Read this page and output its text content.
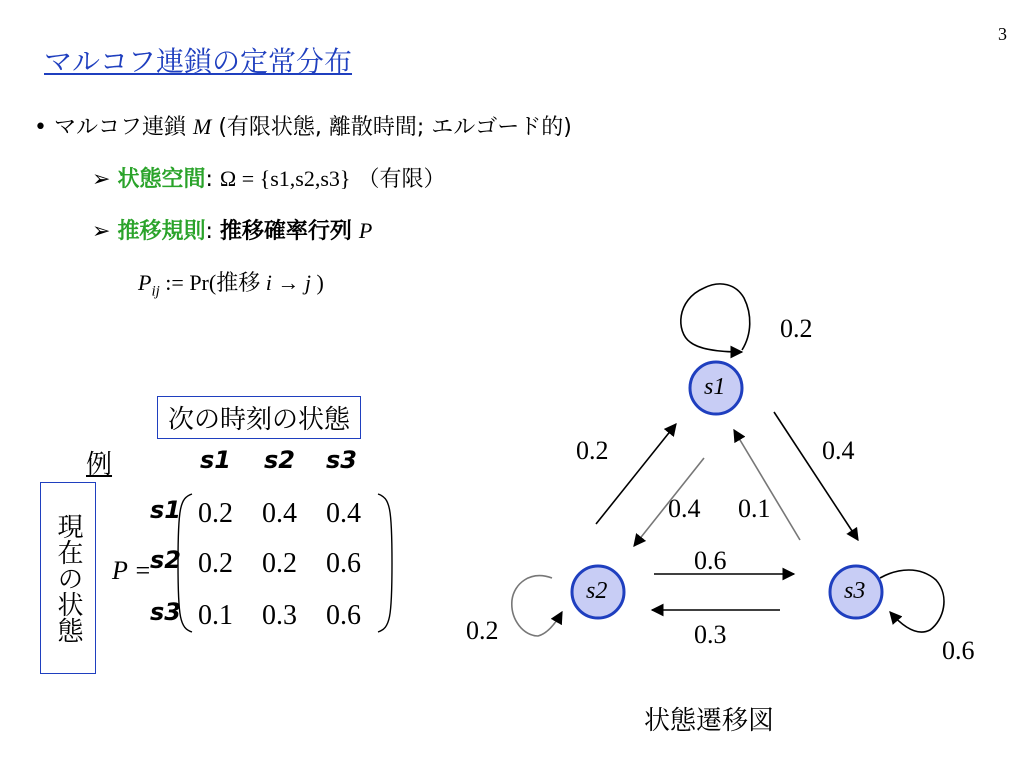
3
マルコフ連鎖の定常分布
• マルコフ連鎖 M (有限状態, 離散時間; エルゴード的)
➢ 状態空間: Ω = {s1,s2,s3} （有限）
➢ 推移規則: 推移確率行列 P
$P_{ij}$ := Pr(推移 i → j )
次の時刻の状態
例
現在の状態
s1 s2 s3
s1
s2
s3
P =
0.2 0.4 0.4
0.2 0.2 0.6
0.1 0.3 0.6
s1
s2	s3
0.2
0.4
0.4
0.2
0.2
0.6
0.1
0.3
0.6
状態遷移図
